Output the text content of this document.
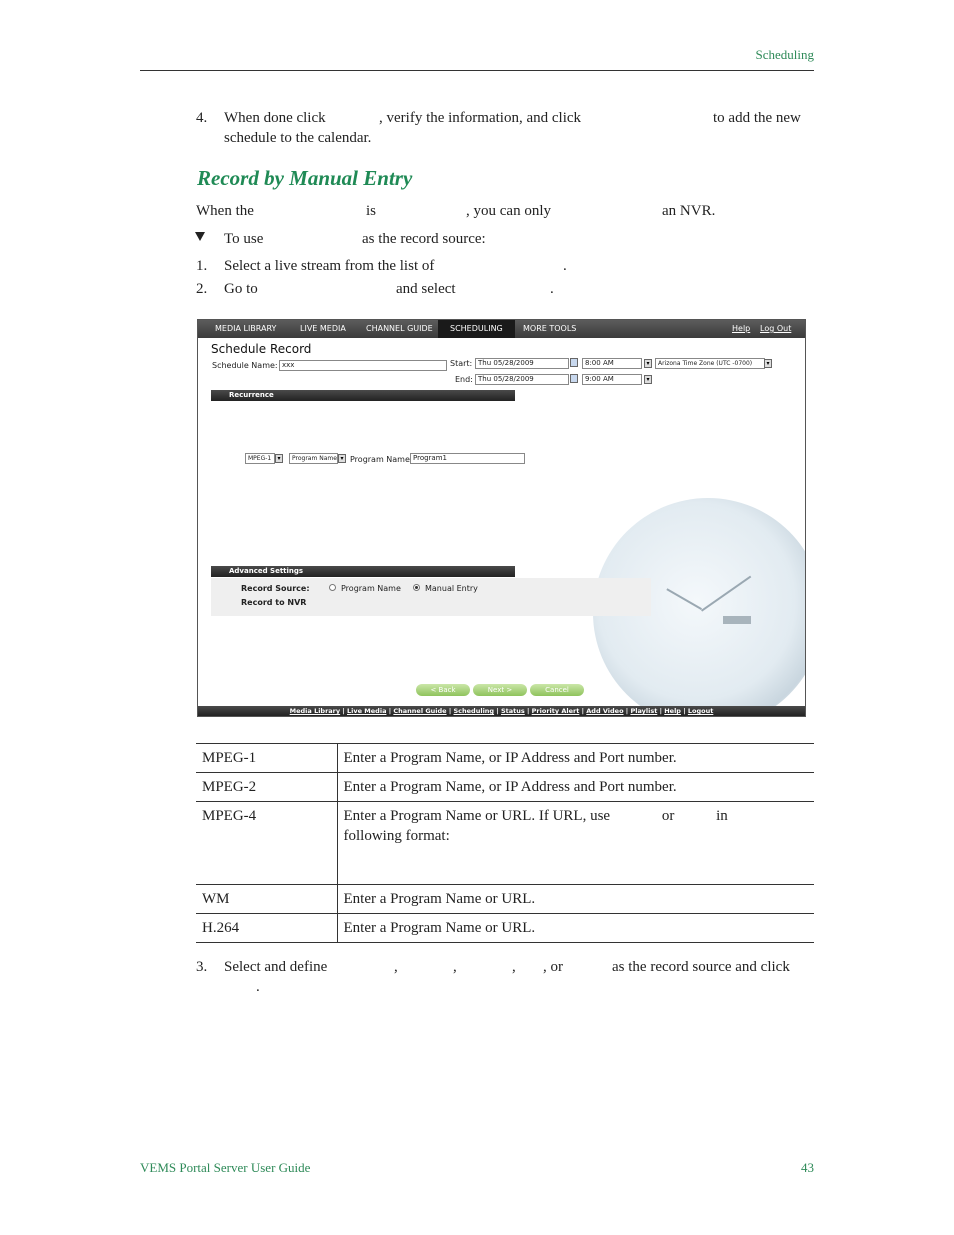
Scheduling
4. When done click	, verify the information, and click	to add the new
schedule to the calendar.
Record by Manual Entry
When the	is	, you can only	an NVR.
To use	as the record source:
1. Select a live stream from the list of	.
2. Go to	and select	.
MEDIA LIBRARY	LIVE MEDIA	CHANNEL GUIDE	SCHEDULING	MORE TOOLS	Help Log Out
Schedule Record
Schedule Name: xxx	Start: Thu 05/28/2009	8:00 AM	▾	Arizona Time Zone (UTC -0700)	▾
End: Thu 05/28/2009	9:00 AM	▾
Recurrence
MPEG-1	▾	Program Name ▾ Program Name Program1
Advanced Settings
Record Source:	Program Name	Manual Entry
Record to NVR
< Back	Next >	Cancel
Media Library | Live Media | Channel Guide | Scheduling | Status | Priority Alert | Add Video | Playlist | Help | Logout
MPEG-1	Enter a Program Name, or IP Address and Port number.
MPEG-2	Enter a Program Name, or IP Address and Port number.
MPEG-4	Enter a Program Name or URL. If URL, use or in
following format:
WM	Enter a Program Name or URL.
H.264	Enter a Program Name or URL.
3. Select and define	,	,	, , or	as the record source and click
.
VEMS Portal Server User Guide	43
